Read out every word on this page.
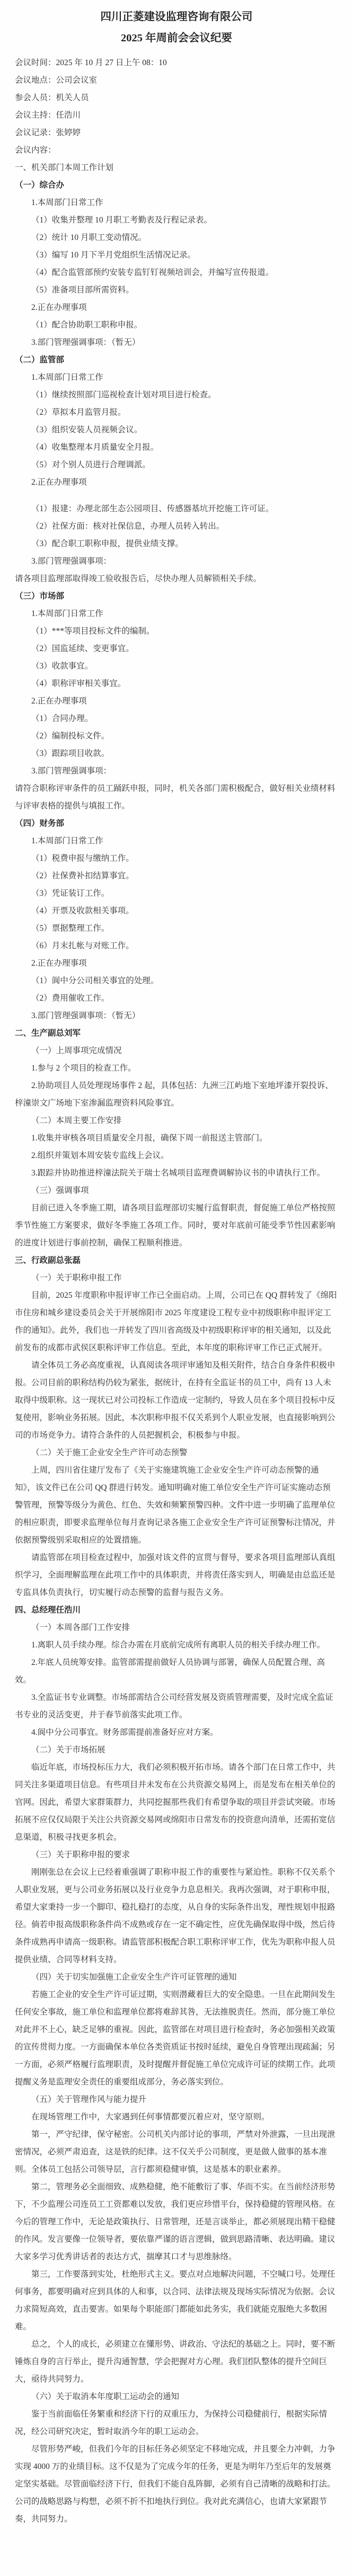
四川正菱建设监理咨询有限公司
2025 年周前会会议纪要

会议时间：2025 年 10 月 27 日上午 08：10

会议地点：公司会议室

参会人员：机关人员

会议主持：任浩川

会议记录：张婷婷

会议内容：

一、机关部门本周工作计划

（一）综合办

1.本周部门日常工作

（1）收集并整理 10 月职工考勤表及行程记录表。

（2）统计 10 月职工变动情况。

（3）编写 10 月下半月党组织生活情况记录。

（4）配合监管部预约安装专监钉钉视频培训会，并编写宣传报道。

（5）准备项目部所需资料。

2.正在办理事项

（1）配合协助职工职称申报。

3.部门管理强调事项：（暂无）

（二）监管部

1.本周部门日常工作

（1）继续按照部门巡视检查计划对项目进行检查。

（2）草拟本月监管月报。

（3）组织安装人员视频会议。

（4）收集整理本月质量安全月报。

（5）对个别人员进行合理调派。

2.正在办理事项

（1）报建：办理北部生态公园项目、传感器基坑开挖施工许可证。

（2）社保方面：核对社保信息，办理人员转入转出。

（3）配合职工职称申报，提供业绩支撑。

3.部门管理强调事项：

请各项目监理部取得竣工验收报告后，尽快办理人员解锁相关手续。

（三）市场部

1.本周部门日常工作

（1）***等项目投标文件的编制。

（2）国监延续、变更事宜。

（3）收款事宜。

（4）职称评审相关事宜。

2.正在办理事项

（1）合同办理。

（2）编制投标文件。

（3）跟踪项目收款。

3.部门管理强调事项：

请符合职称评审条件的员工踊跃申报，同时，机关各部门需积极配合，做好相关业绩材料与评审表格的提供与填报工作。

（四）财务部

1.本周部门日常工作

（1）税费申报与缴纳工作。

（2）社保费补扣结算事宜。

（3）凭证装订工作。

（4）开票及收款相关事项。

（5）票据整理工作。

（6）月末扎帐与对账工作。

2.正在办理事项

（1）阆中分公司相关事宜的处理。

（2）费用催收工作。

3.部门管理强调事项：（暂无）

二、生产副总刘军

（一）上周事项完成情况

1.参与 2 个项目的检查工作。

2.协助项目人员处理现场事件 2 起，具体包括：九洲三江屿地下室地坪漆开裂投诉、梓潼崇文广场地下室渗漏监理资料风险事宜。

（二）本周主要工作安排

1.收集并审核各项目质量安全月报，确保下周一前报送主管部门。

2.组织并策划本周安装专监线上会议。

3.跟踪并协助推进梓潼法院关于瑞士名城项目监理费调解协议书的申请执行工作。

（三）强调事项

目前已进入冬季施工期，请各项目监理部切实履行监督职责，督促施工单位严格按照季节性施工方案要求，做好冬季施工各项工作。同时，要对年底前可能受季节性因素影响的进度计划进行事前控制，确保工程顺利推进。

三、行政副总张磊

（一）关于职称申报工作

目前，2025 年度职称申报评审工作已全面启动。上周，公司已在 QQ 群转发了《绵阳市住房和城乡建设委员会关于开展绵阳市 2025 年度建设工程专业中初级职称申报评定工作的通知》。此外，我们也一并转发了四川省高级及中初级职称评审的相关通知，以及此前发布的成都市武侯区职称评审工作信息。至此，本年度的职称评审工作已正式展开。

请全体员工务必高度重视，认真阅读各项评审通知及相关附件，结合自身条件积极申报。公司目前的职称结构仍较为紧张，据统计，在持有全监证书的员工中，尚有 13 人未取得中级职称。这一现状已对公司投标工作造成一定制约，导致人员在多个项目投标中反复使用，影响业务拓展。因此，本次职称申报不仅关系到个人职业发展，也直接影响到公司的市场竞争力。请符合条件的人员把握机会，积极参与申报。

（二）关于施工企业安全生产许可动态预警

上周，四川省住建厅发布了《关于实施建筑施工企业安全生产许可动态预警的通知》，该文件已在公司 QQ 群进行转发。通知明确对施工单位安全生产许可证实施动态预警管理，预警等级分为黄色、红色、失效和频繁预警四种。文件中进一步明确了监理单位的相应职责，即要求监理单位每月查询记录各施工企业安全生产许可证预警标注情况，并依据预警级别采取相应的处置措施。

请监管部在项目检查过程中，加强对该文件的宣贯与督导，要求各项目监理部认真组织学习，全面理解监理在此项工作中的具体职责，并将责任落实到人，明确是由总监还是专监具体负责执行，切实履行动态预警的监督与报告义务。

四、总经理任浩川

（一）本周各部门工作安排

1.离职人员手续办理。综合办需在月底前完成所有离职人员的相关手续办理工作。

2.年底人员统筹安排。监管部需提前做好人员协调与部署，确保人员配置合理、高效。

3.全监证书专业调整。市场部需结合公司经营发展及资质管理需要，及时完成全监证书专业的灵活变更，并于春节前落实此项工作。

4.阆中分公司事宜。财务部需提前准备好应对方案。

（二）关于市场拓展

临近年底，市场投标压力大，我们必须积极开拓市场。请各个部门在日常工作中，共同关注多渠道项目信息。有些项目并未发布在公共资源交易网上，而是发布在相关单位的官网。因此，希望大家群策群力，共同挖掘那些我们有希望争取的项目并尝试突破。市场拓展不应仅仅局限于关注公共资源交易网或绵阳市日常发布的投资意向清单，还需拓宽信息渠道，积极寻找更多机会。

（三）关于职称申报的要求

刚刚张总在会议上已经着重强调了职称申报工作的重要性与紧迫性。职称不仅关系个人职业发展，更与公司业务拓展以及行业竞争力息息相关。我再次强调，对于职称申报，希望大家秉持一步一个脚印、稳扎稳打的态度，从自身的实际条件出发，理性规划申报路径。倘若申报高级职称条件尚不成熟或存在一定不确定性，应优先确保取得中级，然后待条件成熟再申请高一级职称。请监管部积极配合职工职称评审工作，优先为职称申报人员提供业绩、合同等材料支持。

（四）关于切实加强施工企业安全生产许可证管理的通知

若施工企业的安全生产许可证过期，实则潜藏着巨大的安全隐患。一旦在此期间发生任何安全事故，施工单位和监理单位都将难辞其咎，无法推脱责任。然而，部分施工单位对此并不上心，缺乏足够的重视。因此，监管部在对项目进行检查时，务必加强相关政策的宣传贯彻力度。一方面确保本单位各类资质证书按时延续，避免自身管理出现疏漏；另一方面，必须严格履行监理职责，及时提醒并督促施工单位完成许可证的续期工作。此项提醒义务是监理安全责任的重要组成部分，务必落实到位。

（五）关于管理作风与能力提升

在现场管理工作中，大家遇到任何事情都要沉着应对，坚守原则。

第一，严守纪律，保守秘密。公司机关内部讨论的事项，严禁对外泄露，一旦出现泄密情况，必须严肃追查，这是铁的纪律。这不仅关乎公司制度，更是做人做事的基本准则。全体员工包括公司领导层，言行都须稳健审慎，这是基本的职业素养。

第二，管理务必全面细致、成熟稳健，绝不能敷衍了事、华而不实。在当前经济形势下，不少监理公司连员工工资都难以发放，我们更应珍惜平台，保持稳健的管理风格。在今后的管理工作中，无论是政策执行、日常管理，还是言谈举止，都必须展现出精干稳健的作风。发言要像一位领导者，要依靠严谨的语言逻辑，做到思路清晰、表达明确。建议大家多学习优秀讲话者的表达方式，揣摩其口才与思维脉络。

第三，工作要落到实处，杜绝形式主义。要点对点地解决问题，不空喊口号。处理任何事务，都要明确对应到具体的人和事，以合同、法律法规及现场实际情况为依据。会议力求简短高效，直击要害。如果每个职能部门都能如此务实，我们就能克服绝大多数困难。

总之，个人的成长，必须建立在懂形势、讲政治、守法纪的基础之上。同时，要不断锤炼自身的言行举止，提升沟通智慧，学会把握对方心理。我们团队整体的提升空间巨大，亟待共同努力。

（六）关于取消本年度职工运动会的通知

鉴于当前面临任务繁重和经济下行的双重压力，为保持公司稳健前行，根据实际情况，经公司研究决定，暂时取消今年的职工运动会。

尽管形势严峻，但我们今年的目标任务必须坚定不移地完成，并且要全力冲刺，力争实现 4000 万的业绩目标。这不仅是为了完成今年的任务，更是为明年乃至后年的发展奠定坚实基础。尽管面临经济下行，但我们不能自乱阵脚，必须有自己清晰的战略和打法。公司的战略思路与构想，必须不折不扣地执行到位。我对此充满信心，也请大家紧跟节奏，共同努力。
